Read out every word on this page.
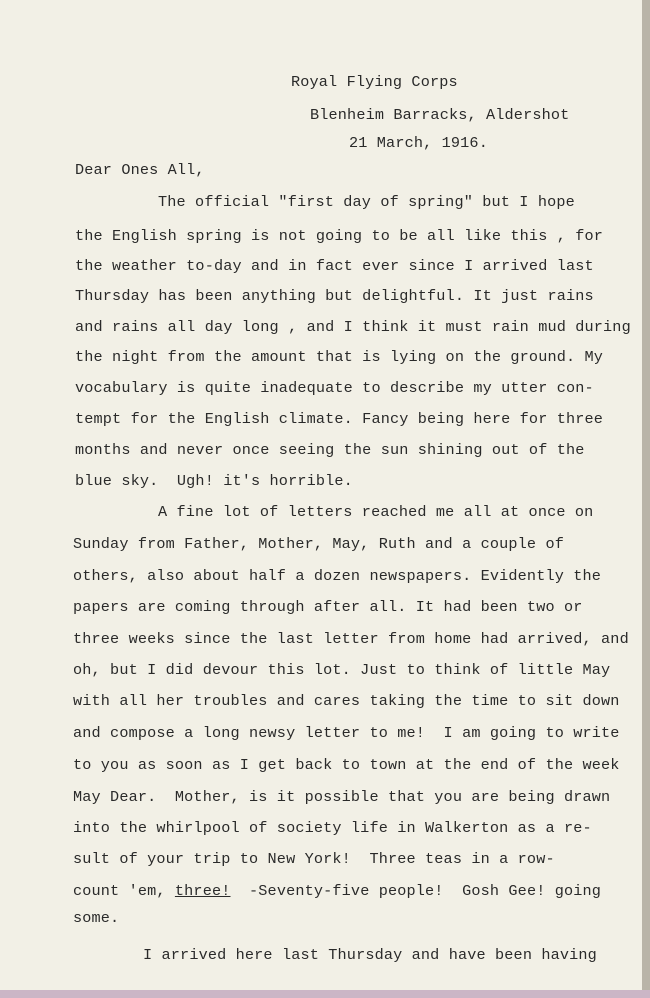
Royal Flying Corps

Blenheim Barracks, Aldershot

21 March, 1916.

Dear Ones All,

The official "first day of spring" but I hope

the English spring is not going to be all like this , for

the weather to-day and in fact ever since I arrived last

Thursday has been anything but delightful. It just rains

and rains all day long , and I think it must rain mud during

the night from the amount that is lying on the ground. My

vocabulary is quite inadequate to describe my utter con-

tempt for the English climate. Fancy being here for three

months and never once seeing the sun shining out of the

blue sky.  Ugh! it's horrible.

A fine lot of letters reached me all at once on

Sunday from Father, Mother, May, Ruth and a couple of

others, also about half a dozen newspapers. Evidently the

papers are coming through after all. It had been two or

three weeks since the last letter from home had arrived, and

oh, but I did devour this lot. Just to think of little May

with all her troubles and cares taking the time to sit down

and compose a long newsy letter to me!  I am going to write

to you as soon as I get back to town at the end of the week

May Dear.  Mother, is it possible that you are being drawn

into the whirlpool of society life in Walkerton as a re-

sult of your trip to New York!  Three teas in a row-

count 'em, three!  -Seventy-five people!  Gosh Gee! going

some.

I arrived here last Thursday and have been having
